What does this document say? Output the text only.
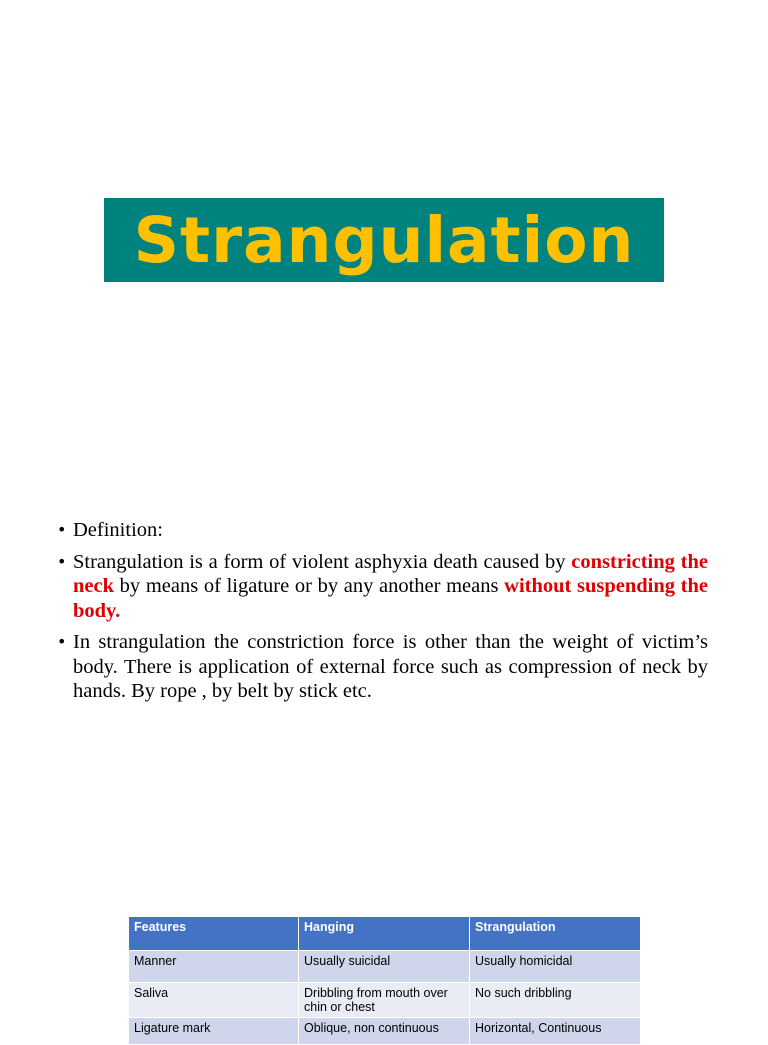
Strangulation
• Definition:
• Strangulation is a form of violent asphyxia death caused by constricting the neck by means of ligature or by any another means without suspending the body.
• In strangulation the constriction force is other than the weight of victim’s body. There is application of external force such as compression of neck by hands. By rope , by belt by stick etc.
Features	Hanging	Strangulation
Manner	Usually suicidal	Usually homicidal
Saliva	Dribbling from mouth over chin or chest	No such dribbling
Ligature mark	Oblique, non continuous	Horizontal, Continuous
